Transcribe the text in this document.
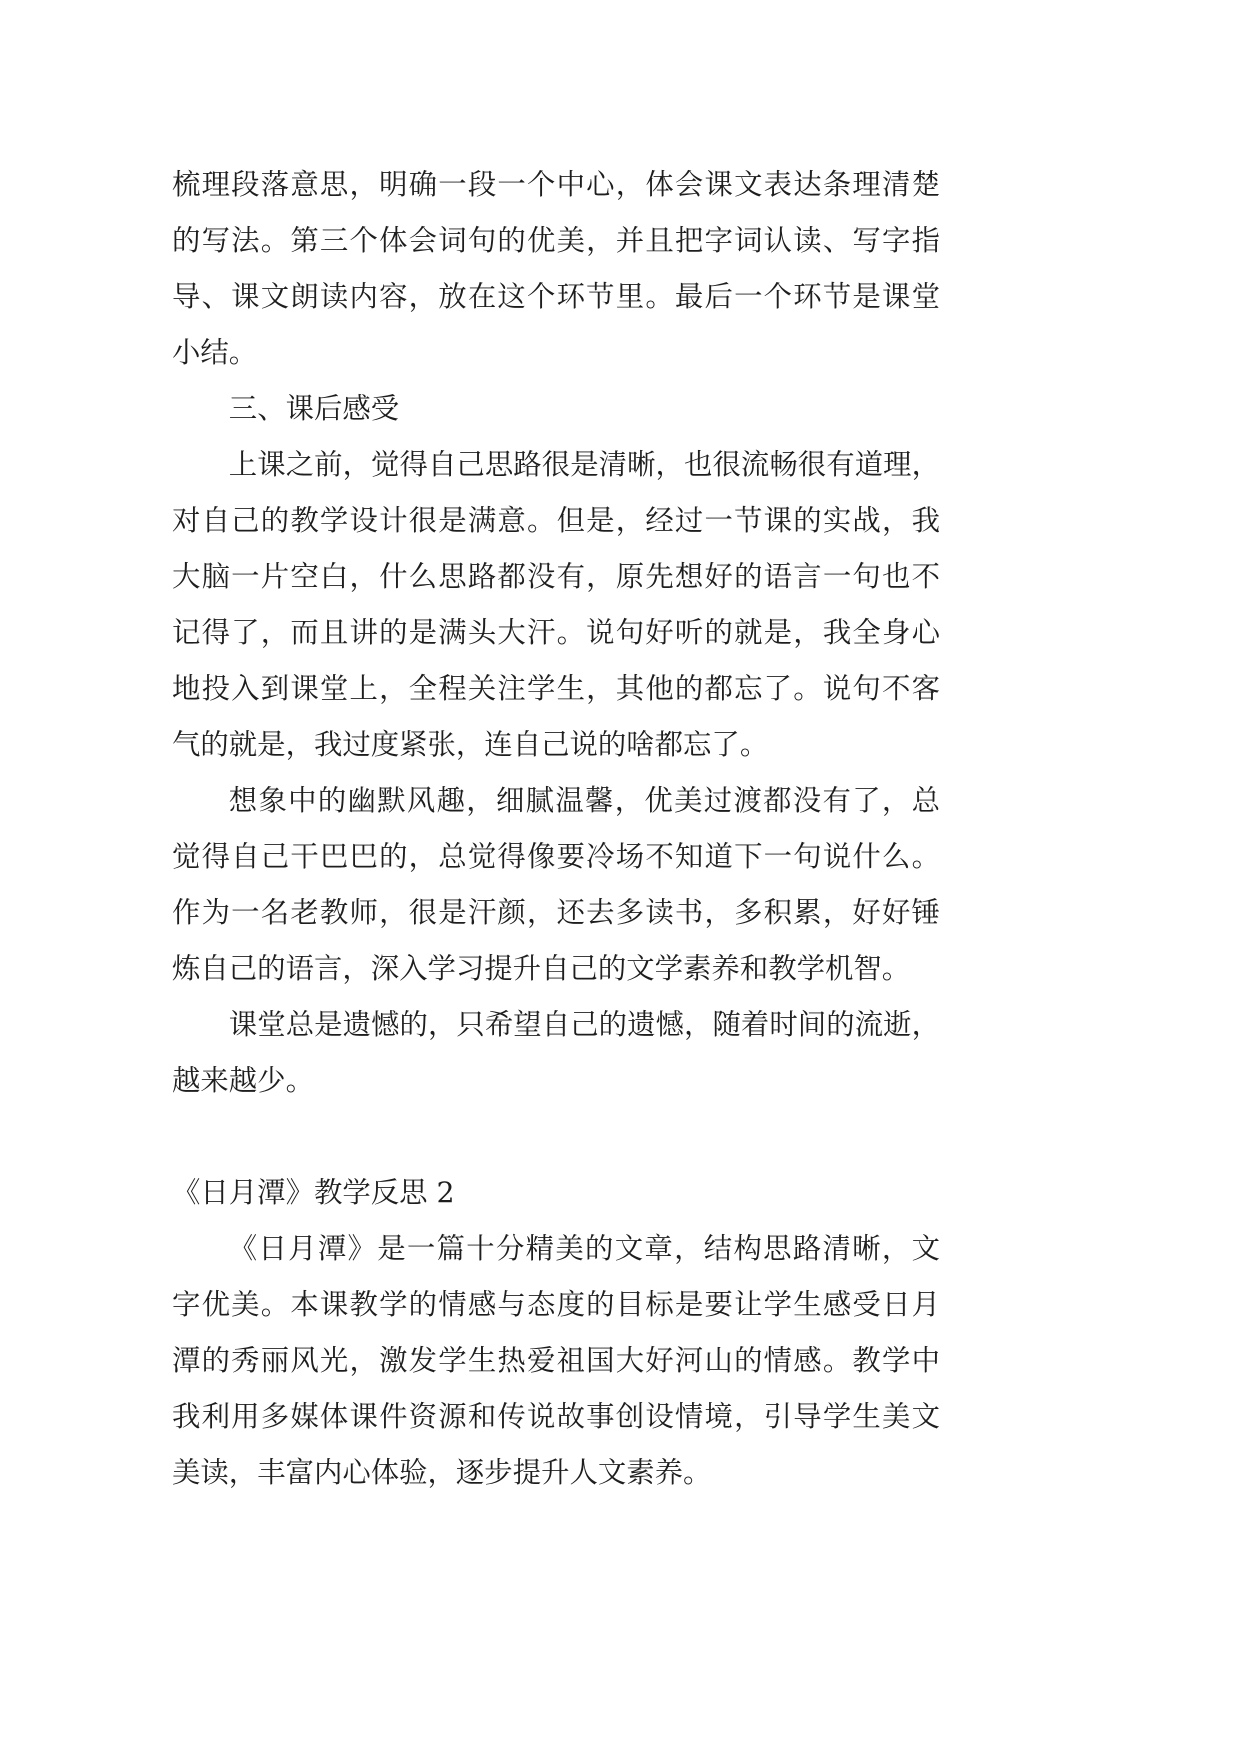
梳理段落意思，明确一段一个中心，体会课文表达条理清楚
的写法。第三个体会词句的优美，并且把字词认读、写字指
导、课文朗读内容，放在这个环节里。最后一个环节是课堂
小结。
三、课后感受
上课之前，觉得自己思路很是清晰，也很流畅很有道理，
对自己的教学设计很是满意。但是，经过一节课的实战，我
大脑一片空白，什么思路都没有，原先想好的语言一句也不
记得了，而且讲的是满头大汗。说句好听的就是，我全身心
地投入到课堂上，全程关注学生，其他的都忘了。说句不客
气的就是，我过度紧张，连自己说的啥都忘了。
想象中的幽默风趣，细腻温馨，优美过渡都没有了，总
觉得自己干巴巴的，总觉得像要冷场不知道下一句说什么。
作为一名老教师，很是汗颜，还去多读书，多积累，好好锤
炼自己的语言，深入学习提升自己的文学素养和教学机智。
课堂总是遗憾的，只希望自己的遗憾，随着时间的流逝，
越来越少。
《日月潭》教学反思 2
《日月潭》是一篇十分精美的文章，结构思路清晰，文
字优美。本课教学的情感与态度的目标是要让学生感受日月
潭的秀丽风光，激发学生热爱祖国大好河山的情感。教学中
我利用多媒体课件资源和传说故事创设情境，引导学生美文
美读，丰富内心体验，逐步提升人文素养。
